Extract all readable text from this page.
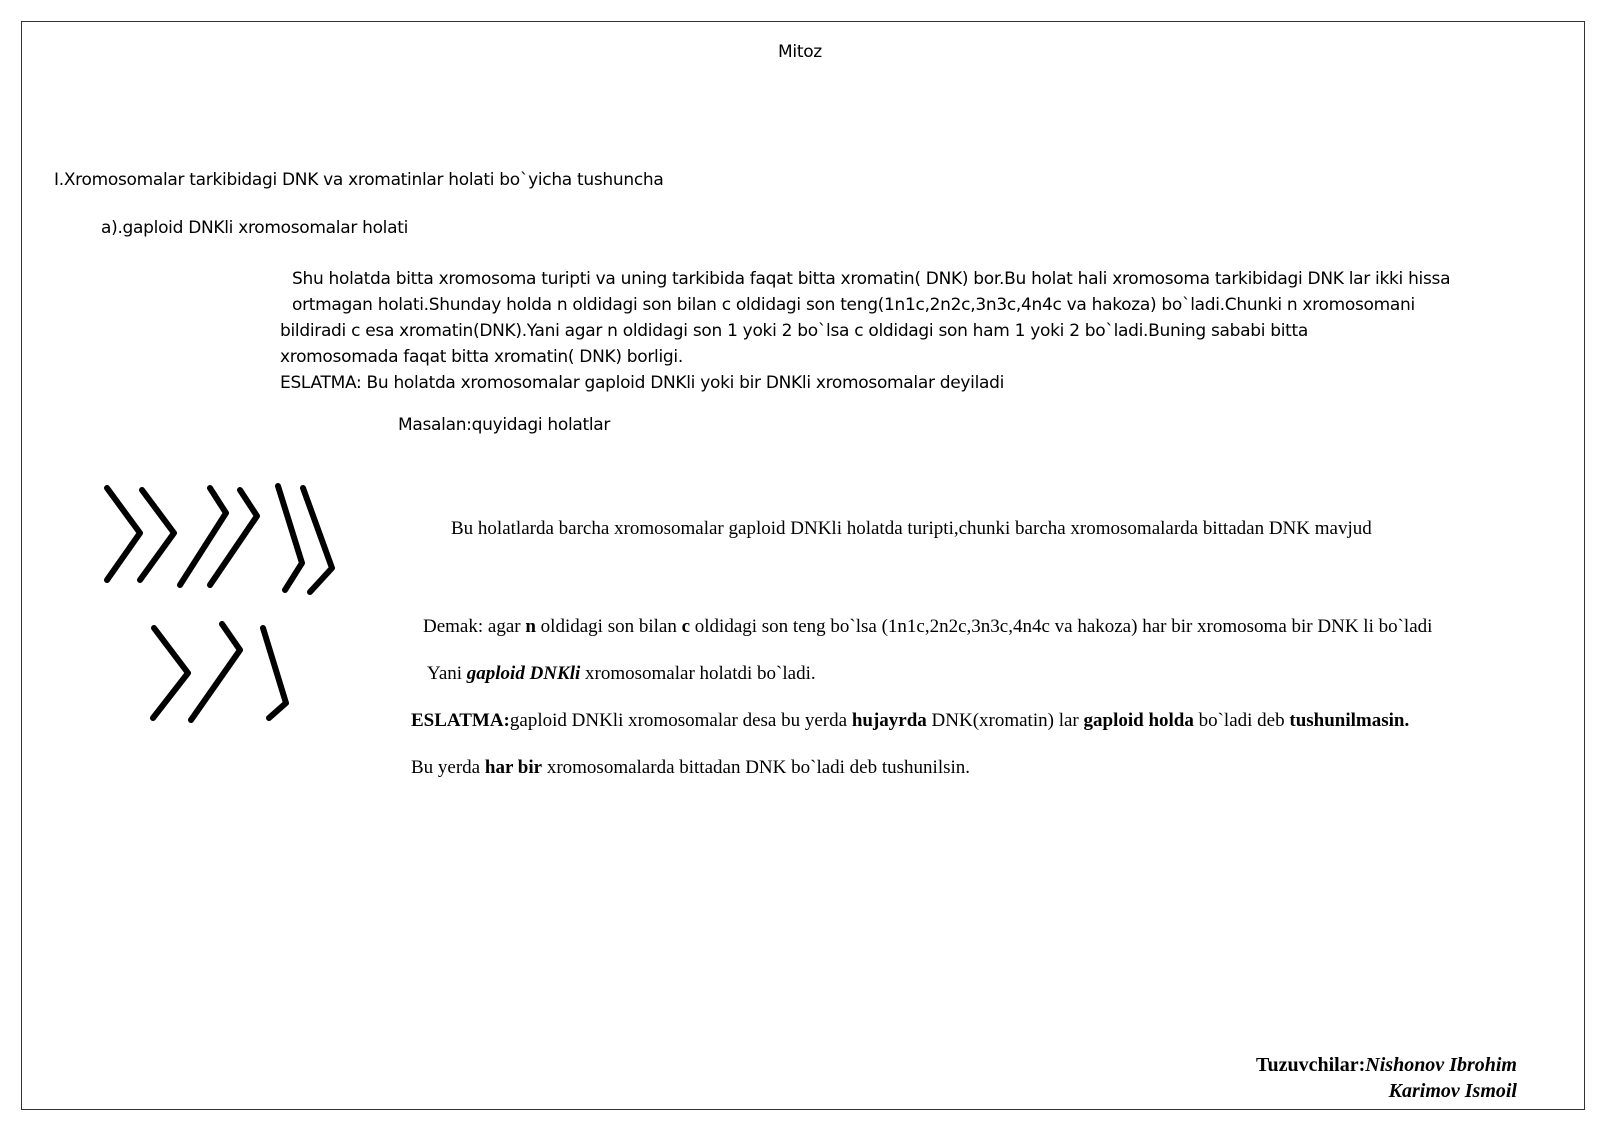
Mitoz
I.Xromosomalar tarkibidagi DNK va xromatinlar holati bo`yicha tushuncha
a).gaploid DNKli xromosomalar holati
Shu holatda bitta xromosoma turipti va uning tarkibida faqat bitta xromatin( DNK) bor.Bu holat hali xromosoma tarkibidagi DNK lar ikki hissa
ortmagan holati.Shunday holda n oldidagi son bilan c oldidagi son teng(1n1c,2n2c,3n3c,4n4c va hakoza) bo`ladi.Chunki n xromosomani
bildiradi c esa xromatin(DNK).Yani agar n oldidagi son 1 yoki 2 bo`lsa c oldidagi son ham 1 yoki 2 bo`ladi.Buning sababi bitta
xromosomada faqat bitta xromatin( DNK) borligi.
ESLATMA: Bu holatda xromosomalar gaploid DNKli yoki bir DNKli xromosomalar deyiladi
Masalan:quyidagi holatlar
Bu holatlarda barcha xromosomalar gaploid DNKli holatda turipti,chunki barcha xromosomalarda bittadan DNK mavjud
Demak: agar n oldidagi son bilan c oldidagi son teng bo`lsa (1n1c,2n2c,3n3c,4n4c va hakoza) har bir xromosoma bir DNK li bo`ladi
Yani gaploid DNKli xromosomalar holatdi bo`ladi.
ESLATMA:gaploid DNKli xromosomalar desa bu yerda hujayrda DNK(xromatin) lar gaploid holda bo`ladi deb tushunilmasin.
Bu yerda har bir xromosomalarda bittadan DNK bo`ladi deb tushunilsin.
Tuzuvchilar:Nishonov Ibrohim
Karimov Ismoil
